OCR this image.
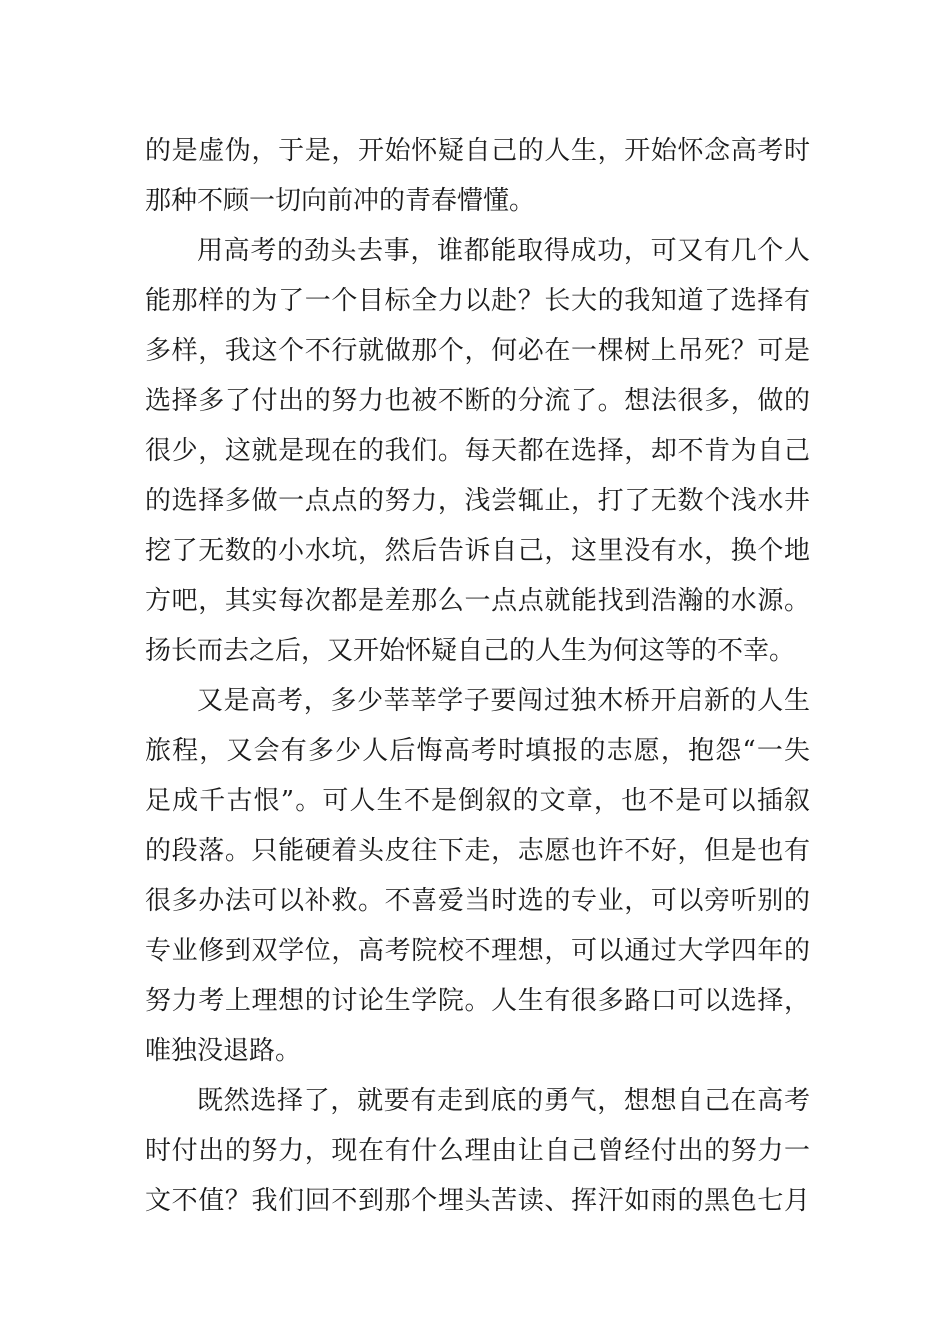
的是虚伪，于是，开始怀疑自己的人生，开始怀念高考时
那种不顾一切向前冲的青春懵懂。
用高考的劲头去事，谁都能取得成功，可又有几个人
能那样的为了一个目标全力以赴？长大的我知道了选择有
多样，我这个不行就做那个，何必在一棵树上吊死？可是
选择多了付出的努力也被不断的分流了。想法很多，做的
很少，这就是现在的我们。每天都在选择，却不肯为自己
的选择多做一点点的努力，浅尝辄止，打了无数个浅水井
挖了无数的小水坑，然后告诉自己，这里没有水，换个地
方吧，其实每次都是差那么一点点就能找到浩瀚的水源。
扬长而去之后，又开始怀疑自己的人生为何这等的不幸。
又是高考，多少莘莘学子要闯过独木桥开启新的人生
旅程，又会有多少人后悔高考时填报的志愿，抱怨“一失
足成千古恨”。可人生不是倒叙的文章，也不是可以插叙
的段落。只能硬着头皮往下走，志愿也许不好，但是也有
很多办法可以补救。不喜爱当时选的专业，可以旁听别的
专业修到双学位，高考院校不理想，可以通过大学四年的
努力考上理想的讨论生学院。人生有很多路口可以选择，
唯独没退路。
既然选择了，就要有走到底的勇气，想想自己在高考
时付出的努力，现在有什么理由让自己曾经付出的努力一
文不值？我们回不到那个埋头苦读、挥汗如雨的黑色七月
